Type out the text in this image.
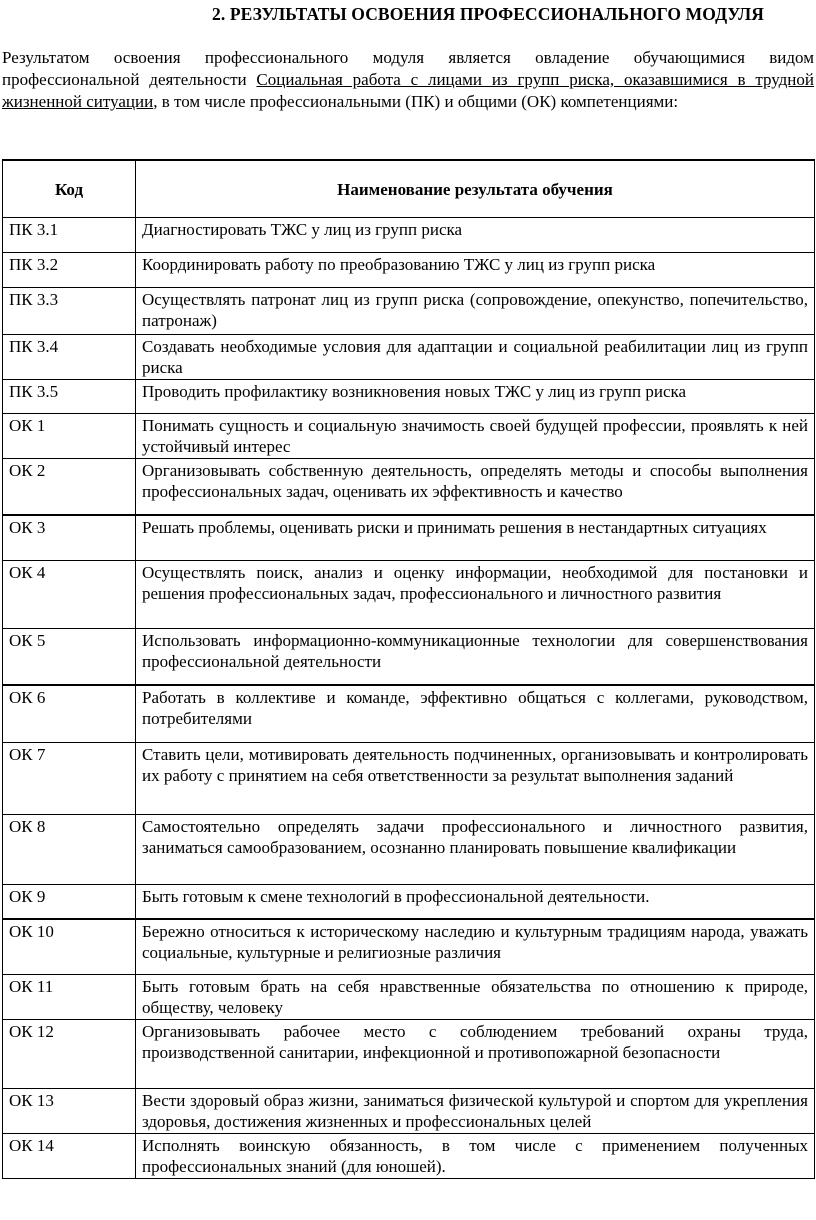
2. РЕЗУЛЬТАТЫ ОСВОЕНИЯ ПРОФЕССИОНАЛЬНОГО МОДУЛЯ

Результатом освоения профессионального модуля является овладение обучающимися видом профессиональной деятельности Социальная работа с лицами из групп риска, оказавшимися в трудной жизненной ситуации, в том числе профессиональными (ПК) и общими (ОК) компетенциями:

Код	Наименование результата обучения
ПК 3.1	Диагностировать ТЖС у лиц из групп риска
ПК 3.2	Координировать работу по преобразованию ТЖС у лиц из групп риска
ПК 3.3	Осуществлять патронат лиц из групп риска (сопровождение, опекунство, попечительство, патронаж)
ПК 3.4	Создавать необходимые условия для адаптации и социальной реабилитации лиц из групп риска
ПК 3.5	Проводить профилактику возникновения новых ТЖС у лиц из групп риска
ОК 1	Понимать сущность и социальную значимость своей будущей профессии, проявлять к ней устойчивый интерес
ОК 2	Организовывать собственную деятельность, определять методы и способы выполнения профессиональных задач, оценивать их эффективность и качество
ОК 3	Решать проблемы, оценивать риски и принимать решения в нестандартных ситуациях
ОК 4	Осуществлять поиск, анализ и оценку информации, необходимой для постановки и решения профессиональных задач, профессионального и личностного развития
ОК 5	Использовать информационно-коммуникационные технологии для совершенствования профессиональной деятельности
ОК 6	Работать в коллективе и команде, эффективно общаться с коллегами, руководством, потребителями
ОК 7	Ставить цели, мотивировать деятельность подчиненных, организовывать и контролировать их работу с принятием на себя ответственности за результат выполнения заданий
ОК 8	Самостоятельно определять задачи профессионального и личностного развития, заниматься самообразованием, осознанно планировать повышение квалификации
ОК 9	Быть готовым к смене технологий в профессиональной деятельности.
ОК 10	Бережно относиться к историческому наследию и культурным традициям народа, уважать социальные, культурные и религиозные различия
ОК 11	Быть готовым брать на себя нравственные обязательства по отношению к природе, обществу, человеку
ОК 12	Организовывать рабочее место с соблюдением требований охраны труда, производственной санитарии, инфекционной и противопожарной безопасности
ОК 13	Вести здоровый образ жизни, заниматься физической культурой и спортом для укрепления здоровья, достижения жизненных и профессиональных целей
ОК 14	Исполнять воинскую обязанность, в том числе с применением полученных профессиональных знаний (для юношей).
